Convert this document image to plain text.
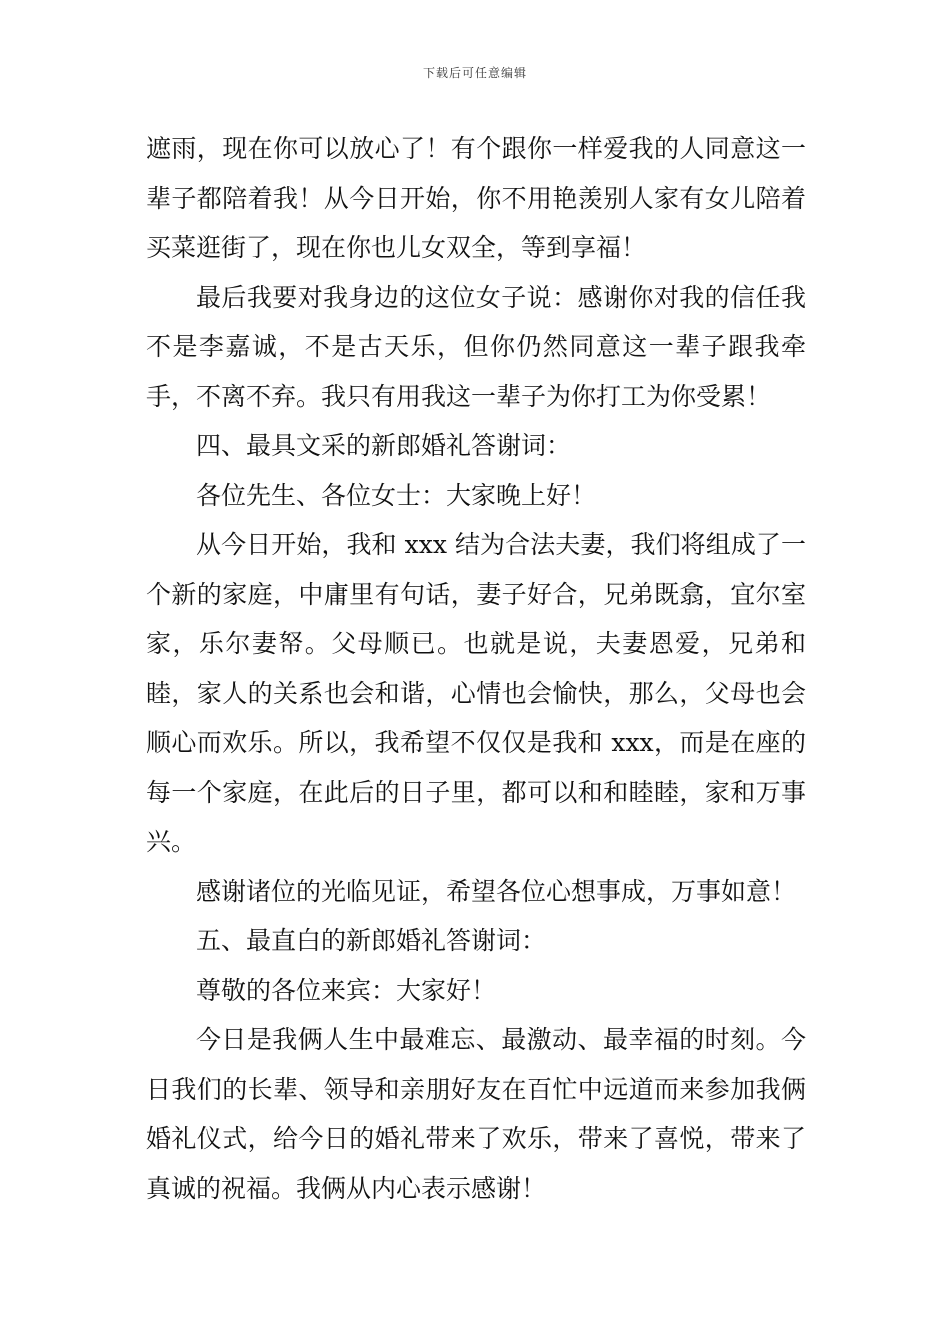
下载后可任意编辑

遮雨，现在你可以放心了！有个跟你一样爱我的人同意这一辈子都陪着我！从今日开始，你不用艳羡别人家有女儿陪着买菜逛街了，现在你也儿女双全，等到享福！

最后我要对我身边的这位女子说：感谢你对我的信任我不是李嘉诚，不是古天乐，但你仍然同意这一辈子跟我牵手，不离不弃。我只有用我这一辈子为你打工为你受累！

四、最具文采的新郎婚礼答谢词：

各位先生、各位女士：大家晚上好！

从今日开始，我和 xxx 结为合法夫妻，我们将组成了一个新的家庭，中庸里有句话，妻子好合，兄弟既翕，宜尔室家，乐尔妻帑。父母顺已。也就是说，夫妻恩爱，兄弟和睦，家人的关系也会和谐，心情也会愉快，那么，父母也会顺心而欢乐。所以，我希望不仅仅是我和 xxx，而是在座的每一个家庭，在此后的日子里，都可以和和睦睦，家和万事兴。

感谢诸位的光临见证，希望各位心想事成，万事如意！

五、最直白的新郎婚礼答谢词：

尊敬的各位来宾：大家好！

今日是我俩人生中最难忘、最激动、最幸福的时刻。今日我们的长辈、领导和亲朋好友在百忙中远道而来参加我俩婚礼仪式，给今日的婚礼带来了欢乐，带来了喜悦，带来了真诚的祝福。我俩从内心表示感谢！
